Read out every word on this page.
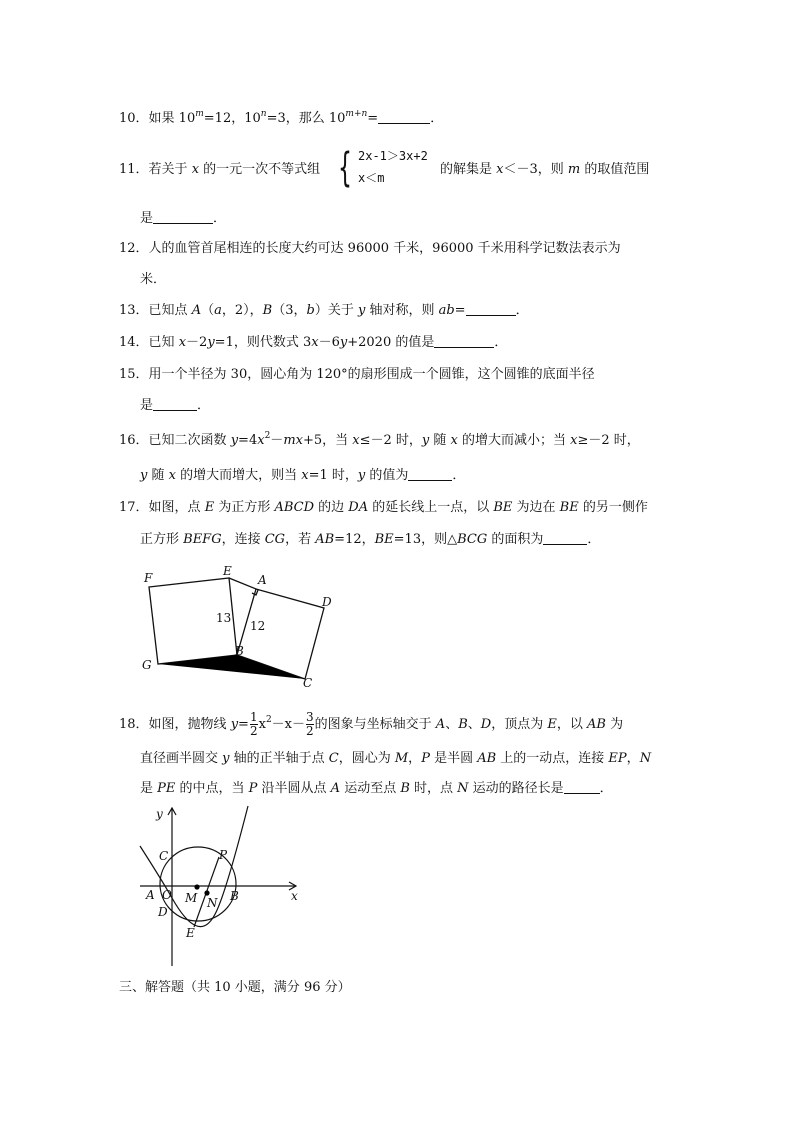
10．如果 $10^m=12$，$10^n=3$，那么 $10^{m+n}=$	．
11．若关于 x 的一元一次不等式组 { 2x-1＞3x+2
x＜m
的解集是 x＜－3，则 m 的取值范围
是	．
12．人的血管首尾相连的长度大约可达 96000 千米，96000 千米用科学记数法表示为
米．
13．已知点 A（a，2），B（3，b）关于 y 轴对称，则 ab=	．
14．已知 x－2y=1，则代数式 3x－6y+2020 的值是	．
15．用一个半径为 30，圆心角为 120°的扇形围成一个圆锥，这个圆锥的底面半径
是	．
16．已知二次函数 $y=4x^2-mx+5$，当 x≤－2 时，y 随 x 的增大而减小；当 x≥－2 时，
y 随 x 的增大而增大，则当 x=1 时，y 的值为	．
17．如图，点 E 为正方形 ABCD 的边 DA 的延长线上一点，以 BE 为边在 BE 的另一侧作
正方形 BEFG，连接 CG，若 AB=12，BE=13，则△BCG 的面积为	．
F	E
A
D
G
B
C
13
12
18．如图，抛物线 $y= \frac{1}{2} x^2-x- \frac{3}{2}$ 的图象与坐标轴交于 A、B、D，顶点为 E，以 AB 为
直径画半圆交 y 轴的正半轴于点 C，圆心为 M，P 是半圆 AB 上的一动点，连接 EP，N
是 PE 的中点，当 P 沿半圆从点 A 运动至点 B 时，点 N 运动的路径长是	．
y
x
C	P
A O M N B
D
E
三、解答题（共 10 小题，满分 96 分）
